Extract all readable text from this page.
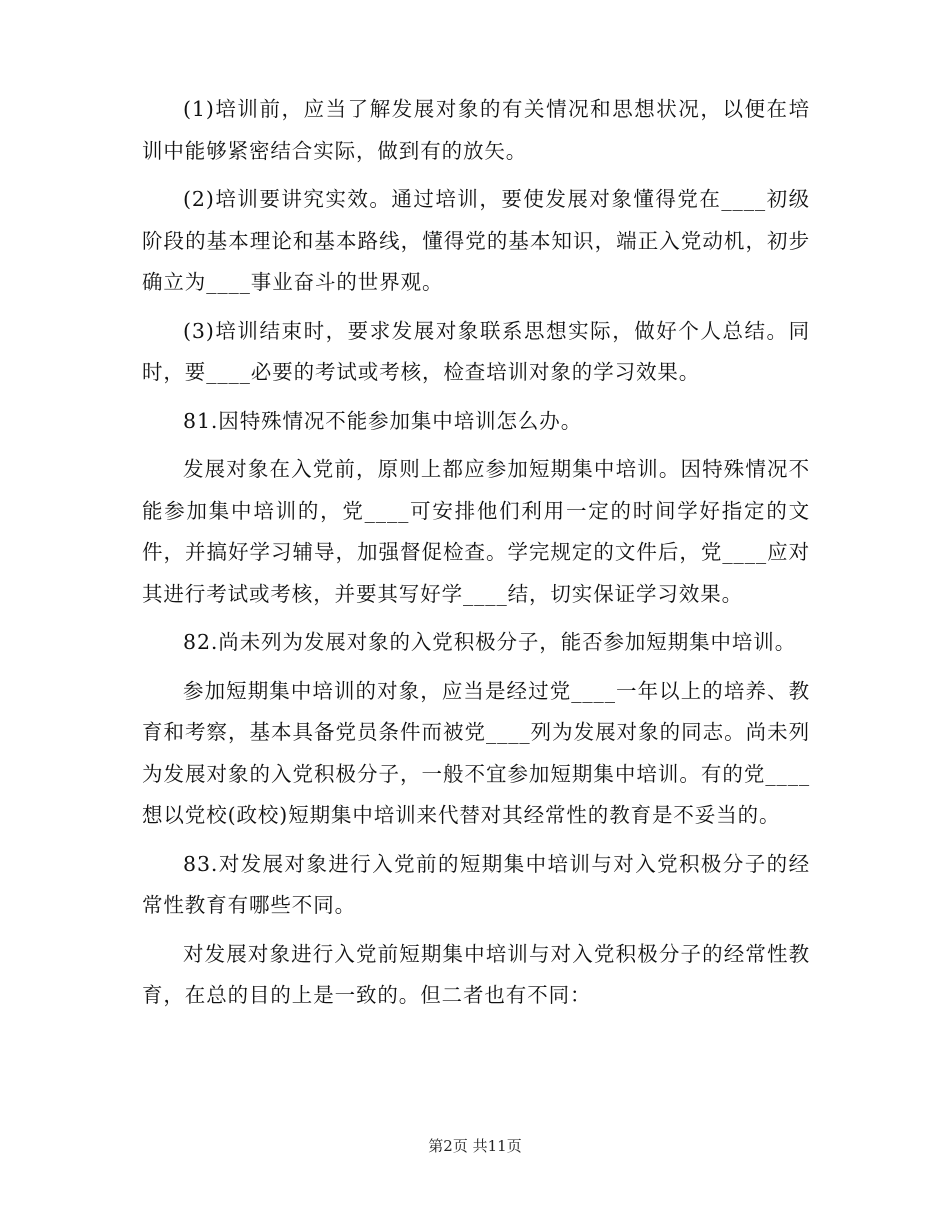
(1)培训前，应当了解发展对象的有关情况和思想状况，以便在培训中能够紧密结合实际，做到有的放矢。

(2)培训要讲究实效。通过培训，要使发展对象懂得党在____初级阶段的基本理论和基本路线，懂得党的基本知识，端正入党动机，初步确立为____事业奋斗的世界观。

(3)培训结束时，要求发展对象联系思想实际，做好个人总结。同时，要____必要的考试或考核，检查培训对象的学习效果。

81.因特殊情况不能参加集中培训怎么办。

发展对象在入党前，原则上都应参加短期集中培训。因特殊情况不能参加集中培训的，党____可安排他们利用一定的时间学好指定的文件，并搞好学习辅导，加强督促检查。学完规定的文件后，党____应对其进行考试或考核，并要其写好学____结，切实保证学习效果。

82.尚未列为发展对象的入党积极分子，能否参加短期集中培训。

参加短期集中培训的对象，应当是经过党____一年以上的培养、教育和考察，基本具备党员条件而被党____列为发展对象的同志。尚未列为发展对象的入党积极分子，一般不宜参加短期集中培训。有的党____想以党校(政校)短期集中培训来代替对其经常性的教育是不妥当的。

83.对发展对象进行入党前的短期集中培训与对入党积极分子的经常性教育有哪些不同。

对发展对象进行入党前短期集中培训与对入党积极分子的经常性教育，在总的目的上是一致的。但二者也有不同：

第2页 共11页
